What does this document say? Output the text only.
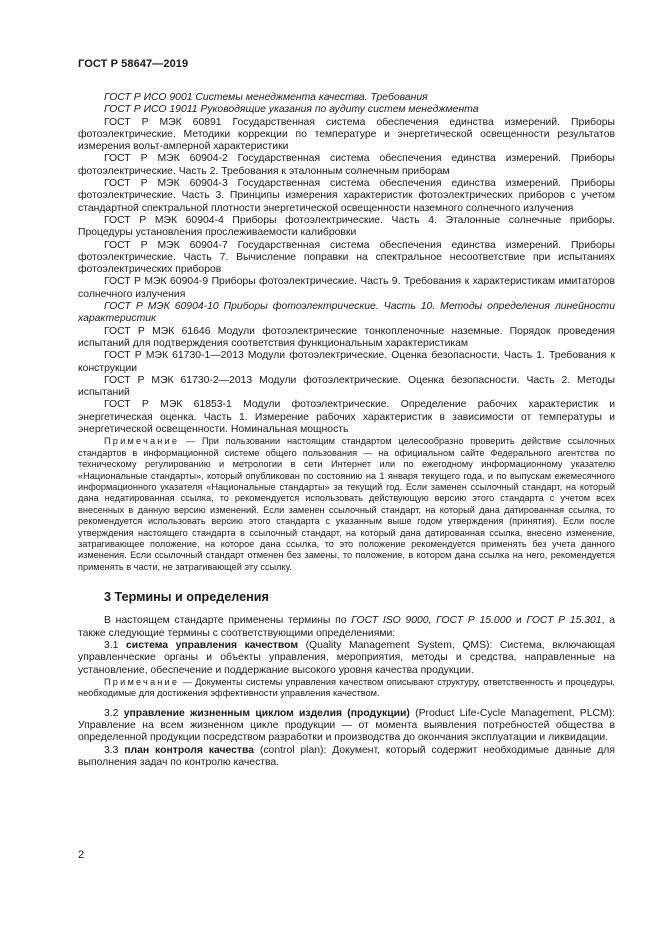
ГОСТ Р 58647—2019

ГОСТ Р ИСО 9001 Системы менеджмента качества. Требования

ГОСТ Р ИСО 19011 Руководящие указания по аудиту систем менеджмента

ГОСТ Р МЭК 60891 Государственная система обеспечения единства измерений. Приборы фотоэлектрические. Методики коррекции по температуре и энергетической освещенности результатов измерения вольт-амперной характеристики

ГОСТ Р МЭК 60904-2 Государственная система обеспечения единства измерений. Приборы фотоэлектрические. Часть 2. Требования к эталонным солнечным приборам

ГОСТ Р МЭК 60904-3 Государственная система обеспечения единства измерений. Приборы фотоэлектрические. Часть 3. Принципы измерения характеристик фотоэлектрических приборов с учетом стандартной спектральной плотности энергетической освещенности наземного солнечного излучения

ГОСТ Р МЭК 60904-4 Приборы фотоэлектрические. Часть 4. Эталонные солнечные приборы. Процедуры установления прослеживаемости калибровки

ГОСТ Р МЭК 60904-7 Государственная система обеспечения единства измерений. Приборы фотоэлектрические. Часть 7. Вычисление поправки на спектральное несоответствие при испытаниях фотоэлектрических приборов

ГОСТ Р МЭК 60904-9 Приборы фотоэлектрические. Часть 9. Требования к характеристикам имитаторов солнечного излучения

ГОСТ Р МЭК 60904-10 Приборы фотоэлектрические. Часть 10. Методы определения линейности характеристик

ГОСТ Р МЭК 61646 Модули фотоэлектрические тонкопленочные наземные. Порядок проведения испытаний для подтверждения соответствия функциональным характеристикам

ГОСТ Р МЭК 61730-1—2013 Модули фотоэлектрические. Оценка безопасности. Часть 1. Требования к конструкции

ГОСТ Р МЭК 61730-2—2013 Модули фотоэлектрические. Оценка безопасности. Часть 2. Методы испытаний

ГОСТ Р МЭК 61853-1 Модули фотоэлектрические. Определение рабочих характеристик и энергетическая оценка. Часть 1. Измерение рабочих характеристик в зависимости от температуры и энергетической освещенности. Номинальная мощность

Примечание — При пользовании настоящим стандартом целесообразно проверить действие ссылочных стандартов в информационной системе общего пользования — на официальном сайте Федерального агентства по техническому регулированию и метрологии в сети Интернет или по ежегодному информационному указателю «Национальные стандарты», который опубликован по состоянию на 1 января текущего года, и по выпускам ежемесячного информационного указателя «Национальные стандарты» за текущий год. Если заменен ссылочный стандарт, на который дана недатированная ссылка, то рекомендуется использовать действующую версию этого стандарта с учетом всех внесенных в данную версию изменений. Если заменен ссылочный стандарт, на который дана датированная ссылка, то рекомендуется использовать версию этого стандарта с указанным выше годом утверждения (принятия). Если после утверждения настоящего стандарта в ссылочный стандарт, на который дана датированная ссылка, внесено изменение, затрагивающее положение, на которое дана ссылка, то это положение рекомендуется применять без учета данного изменения. Если ссылочный стандарт отменен без замены, то положение, в котором дана ссылка на него, рекомендуется применять в части, не затрагивающей эту ссылку.

3 Термины и определения

В настоящем стандарте применены термины по ГОСТ ISO 9000, ГОСТ Р 15.000 и ГОСТ Р 15.301, а также следующие термины с соответствующими определениями:

3.1 система управления качеством (Quality Management System, QMS): Система, включающая управленческие органы и объекты управления, мероприятия, методы и средства, направленные на установление, обеспечение и поддержание высокого уровня качества продукции.

Примечание — Документы системы управления качеством описывают структуру, ответственность и процедуры, необходимые для достижения эффективности управления качеством.

3.2 управление жизненным циклом изделия (продукции) (Product Life-Cycle Management, PLCM): Управление на всем жизненном цикле продукции — от момента выявления потребностей общества в определенной продукции посредством разработки и производства до окончания эксплуатации и ликвидации.

3.3 план контроля качества (control plan): Документ, который содержит необходимые данные для выполнения задач по контролю качества.

2
